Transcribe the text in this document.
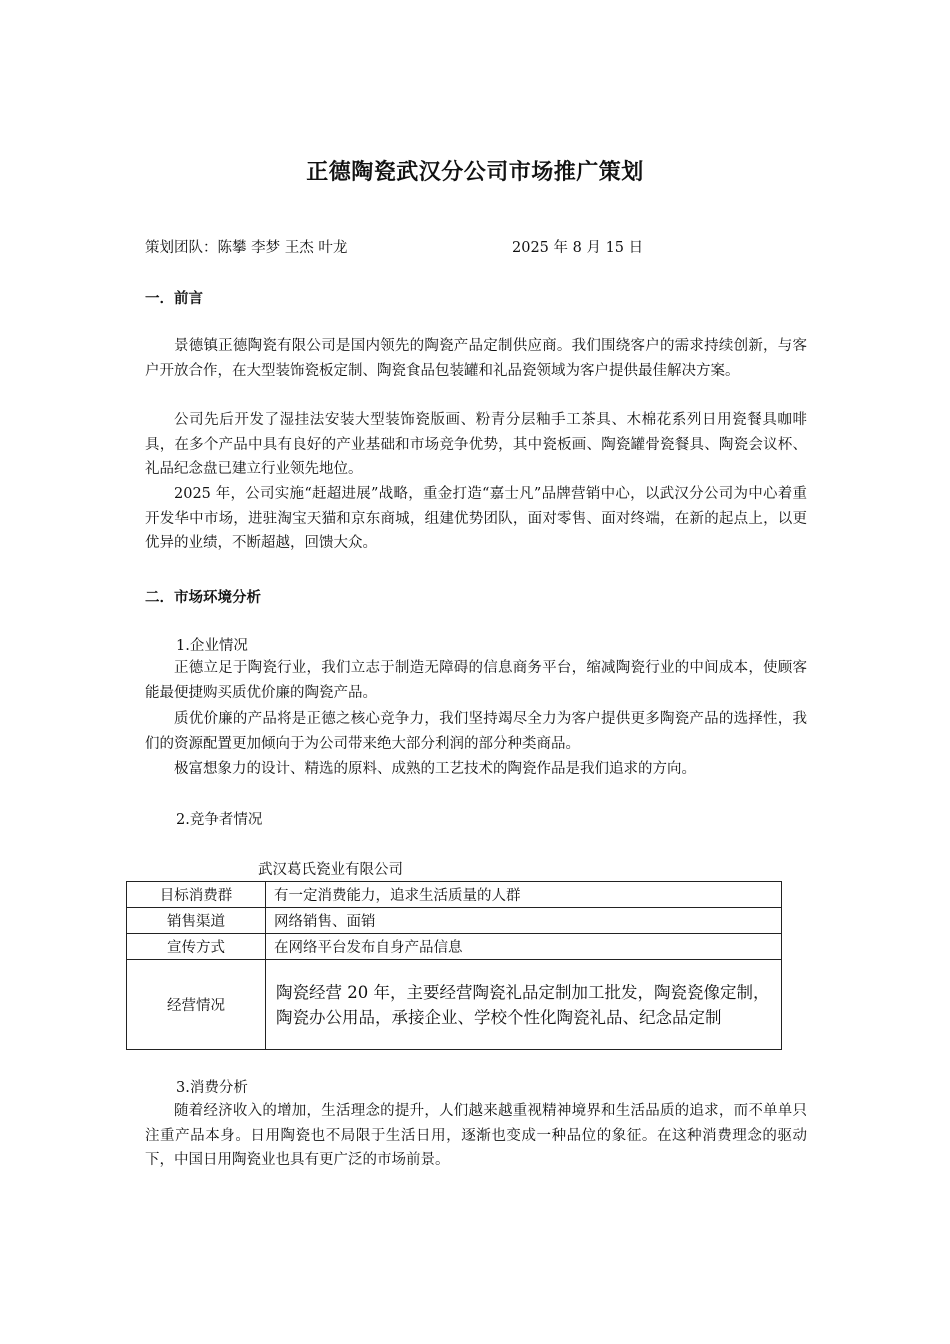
正德陶瓷武汉分公司市场推广策划
策划团队：陈攀 李梦 王杰 叶龙	2025 年 8 月 15 日
一．前言

景德镇正德陶瓷有限公司是国内领先的陶瓷产品定制供应商。我们围绕客户的需求持续创新，与客户开放合作，在大型装饰瓷板定制、陶瓷食品包装罐和礼品瓷领域为客户提供最佳解决方案。

公司先后开发了湿挂法安装大型装饰瓷版画、粉青分层釉手工茶具、木棉花系列日用瓷餐具咖啡具，在多个产品中具有良好的产业基础和市场竞争优势，其中瓷板画、陶瓷罐骨瓷餐具、陶瓷会议杯、礼品纪念盘已建立行业领先地位。

2025 年，公司实施“赶超进展”战略，重金打造“嘉士凡”品牌营销中心，以武汉分公司为中心着重开发华中市场，进驻淘宝天猫和京东商城，组建优势团队，面对零售、面对终端，在新的起点上，以更优异的业绩，不断超越，回馈大众。

二．市场环境分析
1.企业情况

正德立足于陶瓷行业，我们立志于制造无障碍的信息商务平台，缩减陶瓷行业的中间成本，使顾客能最便捷购买质优价廉的陶瓷产品。

质优价廉的产品将是正德之核心竞争力，我们坚持竭尽全力为客户提供更多陶瓷产品的选择性，我们的资源配置更加倾向于为公司带来绝大部分利润的部分种类商品。

极富想象力的设计、精选的原料、成熟的工艺技术的陶瓷作品是我们追求的方向。

2.竞争者情况
武汉葛氏瓷业有限公司
目标消费群	有一定消费能力，追求生活质量的人群
销售渠道	网络销售、面销
宣传方式	在网络平台发布自身产品信息
经营情况	陶瓷经营 20 年，主要经营陶瓷礼品定制加工批发，陶瓷瓷像定制，陶瓷办公用品，承接企业、学校个性化陶瓷礼品、纪念品定制
3.消费分析

随着经济收入的增加，生活理念的提升，人们越来越重视精神境界和生活品质的追求，而不单单只注重产品本身。日用陶瓷也不局限于生活日用，逐渐也变成一种品位的象征。在这种消费理念的驱动下，中国日用陶瓷业也具有更广泛的市场前景。
